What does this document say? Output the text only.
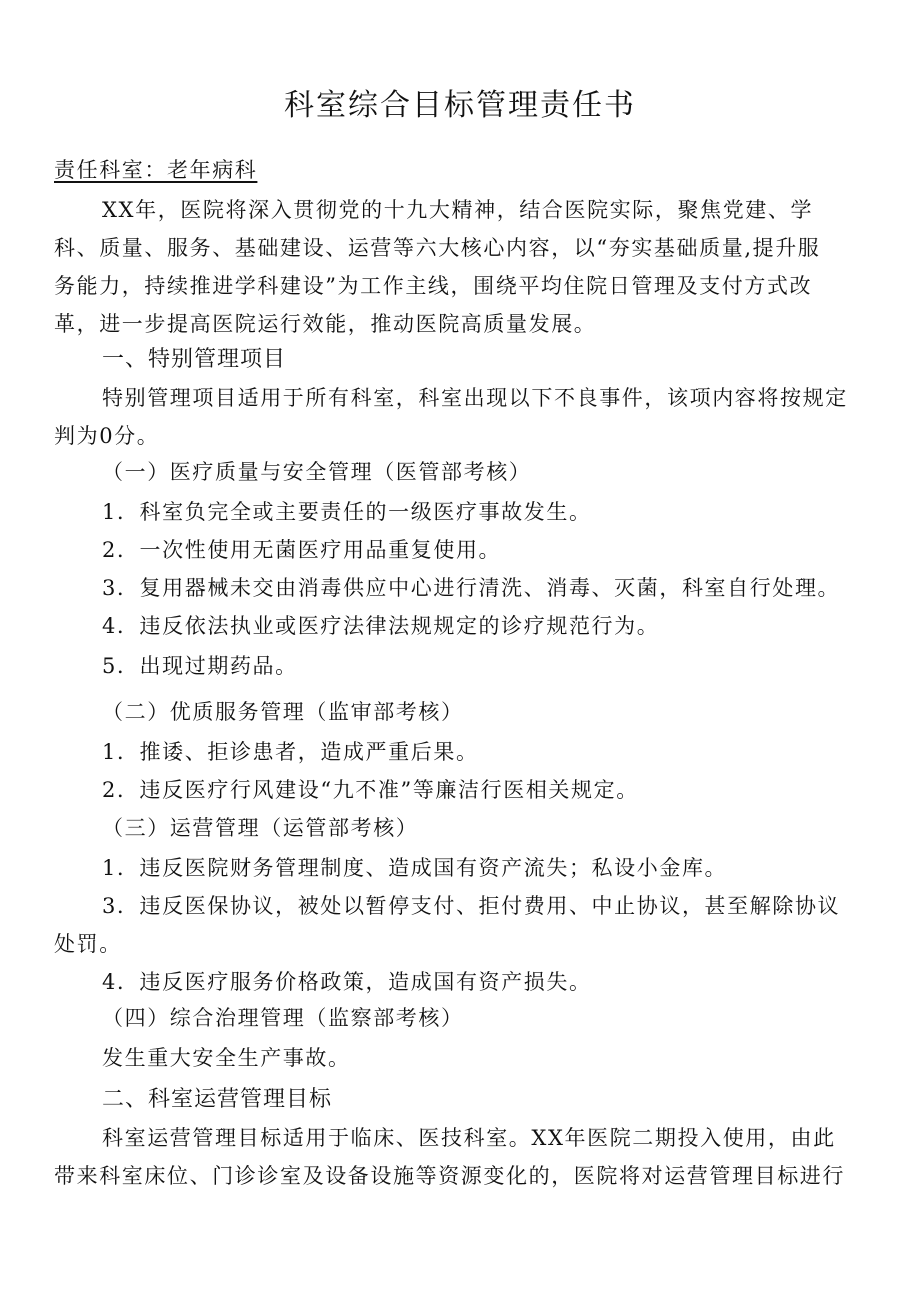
科室综合目标管理责任书
责任科室：老年病科
XX年，医院将深入贯彻党的十九大精神，结合医院实际，聚焦党建、学
科、质量、服务、基础建设、运营等六大核心内容，以“夯实基础质量,提升服
务能力，持续推进学科建设”为工作主线，围绕平均住院日管理及支付方式改
革，进一步提高医院运行效能，推动医院高质量发展。
一、特别管理项目
特别管理项目适用于所有科室，科室出现以下不良事件，该项内容将按规定
判为0分。
（一）医疗质量与安全管理（医管部考核）
1．科室负完全或主要责任的一级医疗事故发生。
2．一次性使用无菌医疗用品重复使用。
3．复用器械未交由消毒供应中心进行清洗、消毒、灭菌，科室自行处理。
4．违反依法执业或医疗法律法规规定的诊疗规范行为。
5．出现过期药品。
（二）优质服务管理（监审部考核）
1．推诿、拒诊患者，造成严重后果。
2．违反医疗行风建设“九不准”等廉洁行医相关规定。
（三）运营管理（运管部考核）
1．违反医院财务管理制度、造成国有资产流失；私设小金库。
3．违反医保协议，被处以暂停支付、拒付费用、中止协议，甚至解除协议
处罚。
4．违反医疗服务价格政策，造成国有资产损失。
（四）综合治理管理（监察部考核）
发生重大安全生产事故。
二、科室运营管理目标
科室运营管理目标适用于临床、医技科室。XX年医院二期投入使用，由此
带来科室床位、门诊诊室及设备设施等资源变化的，医院将对运营管理目标进行
